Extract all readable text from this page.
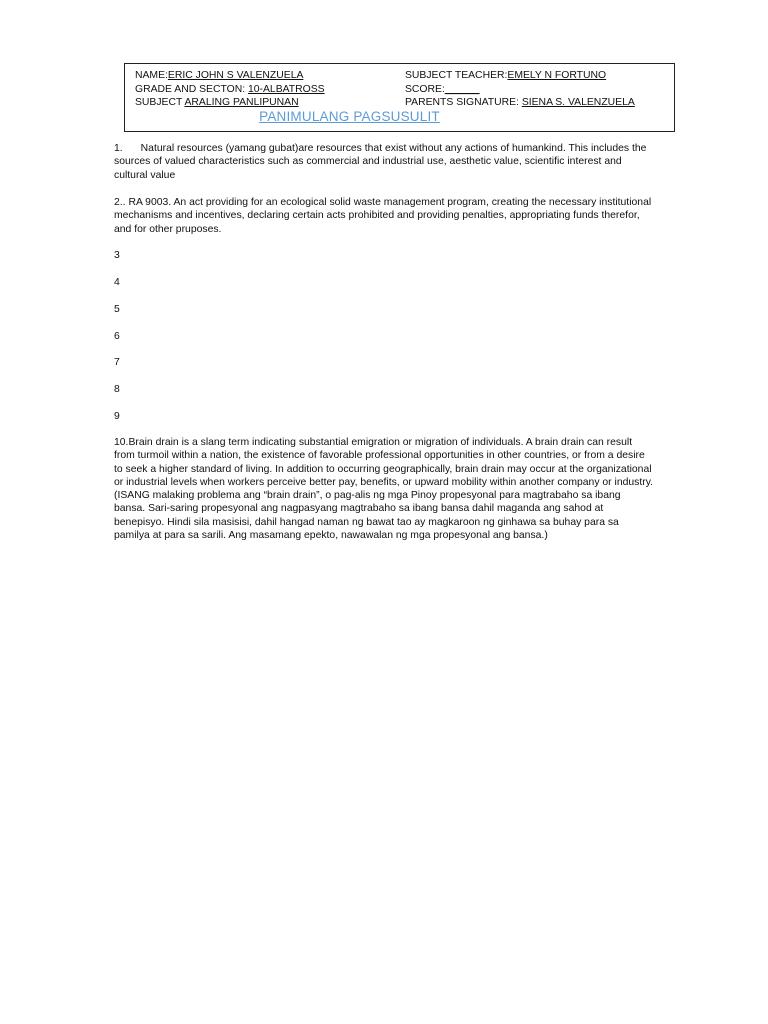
NAME:ERIC JOHN S VALENZUELA	SUBJECT TEACHER:EMELY N FORTUNO
GRADE AND SECTON: 10-ALBATROSS	SCORE:______
SUBJECT ARALING PANLIPUNAN	PARENTS SIGNATURE: SIENA S. VALENZUELA
PANIMULANG PAGSUSULIT

1. Natural resources (yamang gubat)are resources that exist without any actions of humankind. This includes the sources of valued characteristics such as commercial and industrial use, aesthetic value, scientific interest and cultural value

2.. RA 9003. An act providing for an ecological solid waste management program, creating the necessary institutional mechanisms and incentives, declaring certain acts prohibited and providing penalties, appropriating funds therefor, and for other pruposes.

3
4
5
6
7
8
9

10.Brain drain is a slang term indicating substantial emigration or migration of individuals. A brain drain can result from turmoil within a nation, the existence of favorable professional opportunities in other countries, or from a desire to seek a higher standard of living. In addition to occurring geographically, brain drain may occur at the organizational or industrial levels when workers perceive better pay, benefits, or upward mobility within another company or industry. (ISANG malaking problema ang “brain drain”, o pag-alis ng mga Pinoy propesyonal para magtrabaho sa ibang bansa. Sari-saring propesyonal ang nagpasyang magtrabaho sa ibang bansa dahil maganda ang sahod at benepisyo. Hindi sila masisisi, dahil hangad naman ng bawat tao ay magkaroon ng ginhawa sa buhay para sa pamilya at para sa sarili. Ang masamang epekto, nawawalan ng mga propesyonal ang bansa.)
